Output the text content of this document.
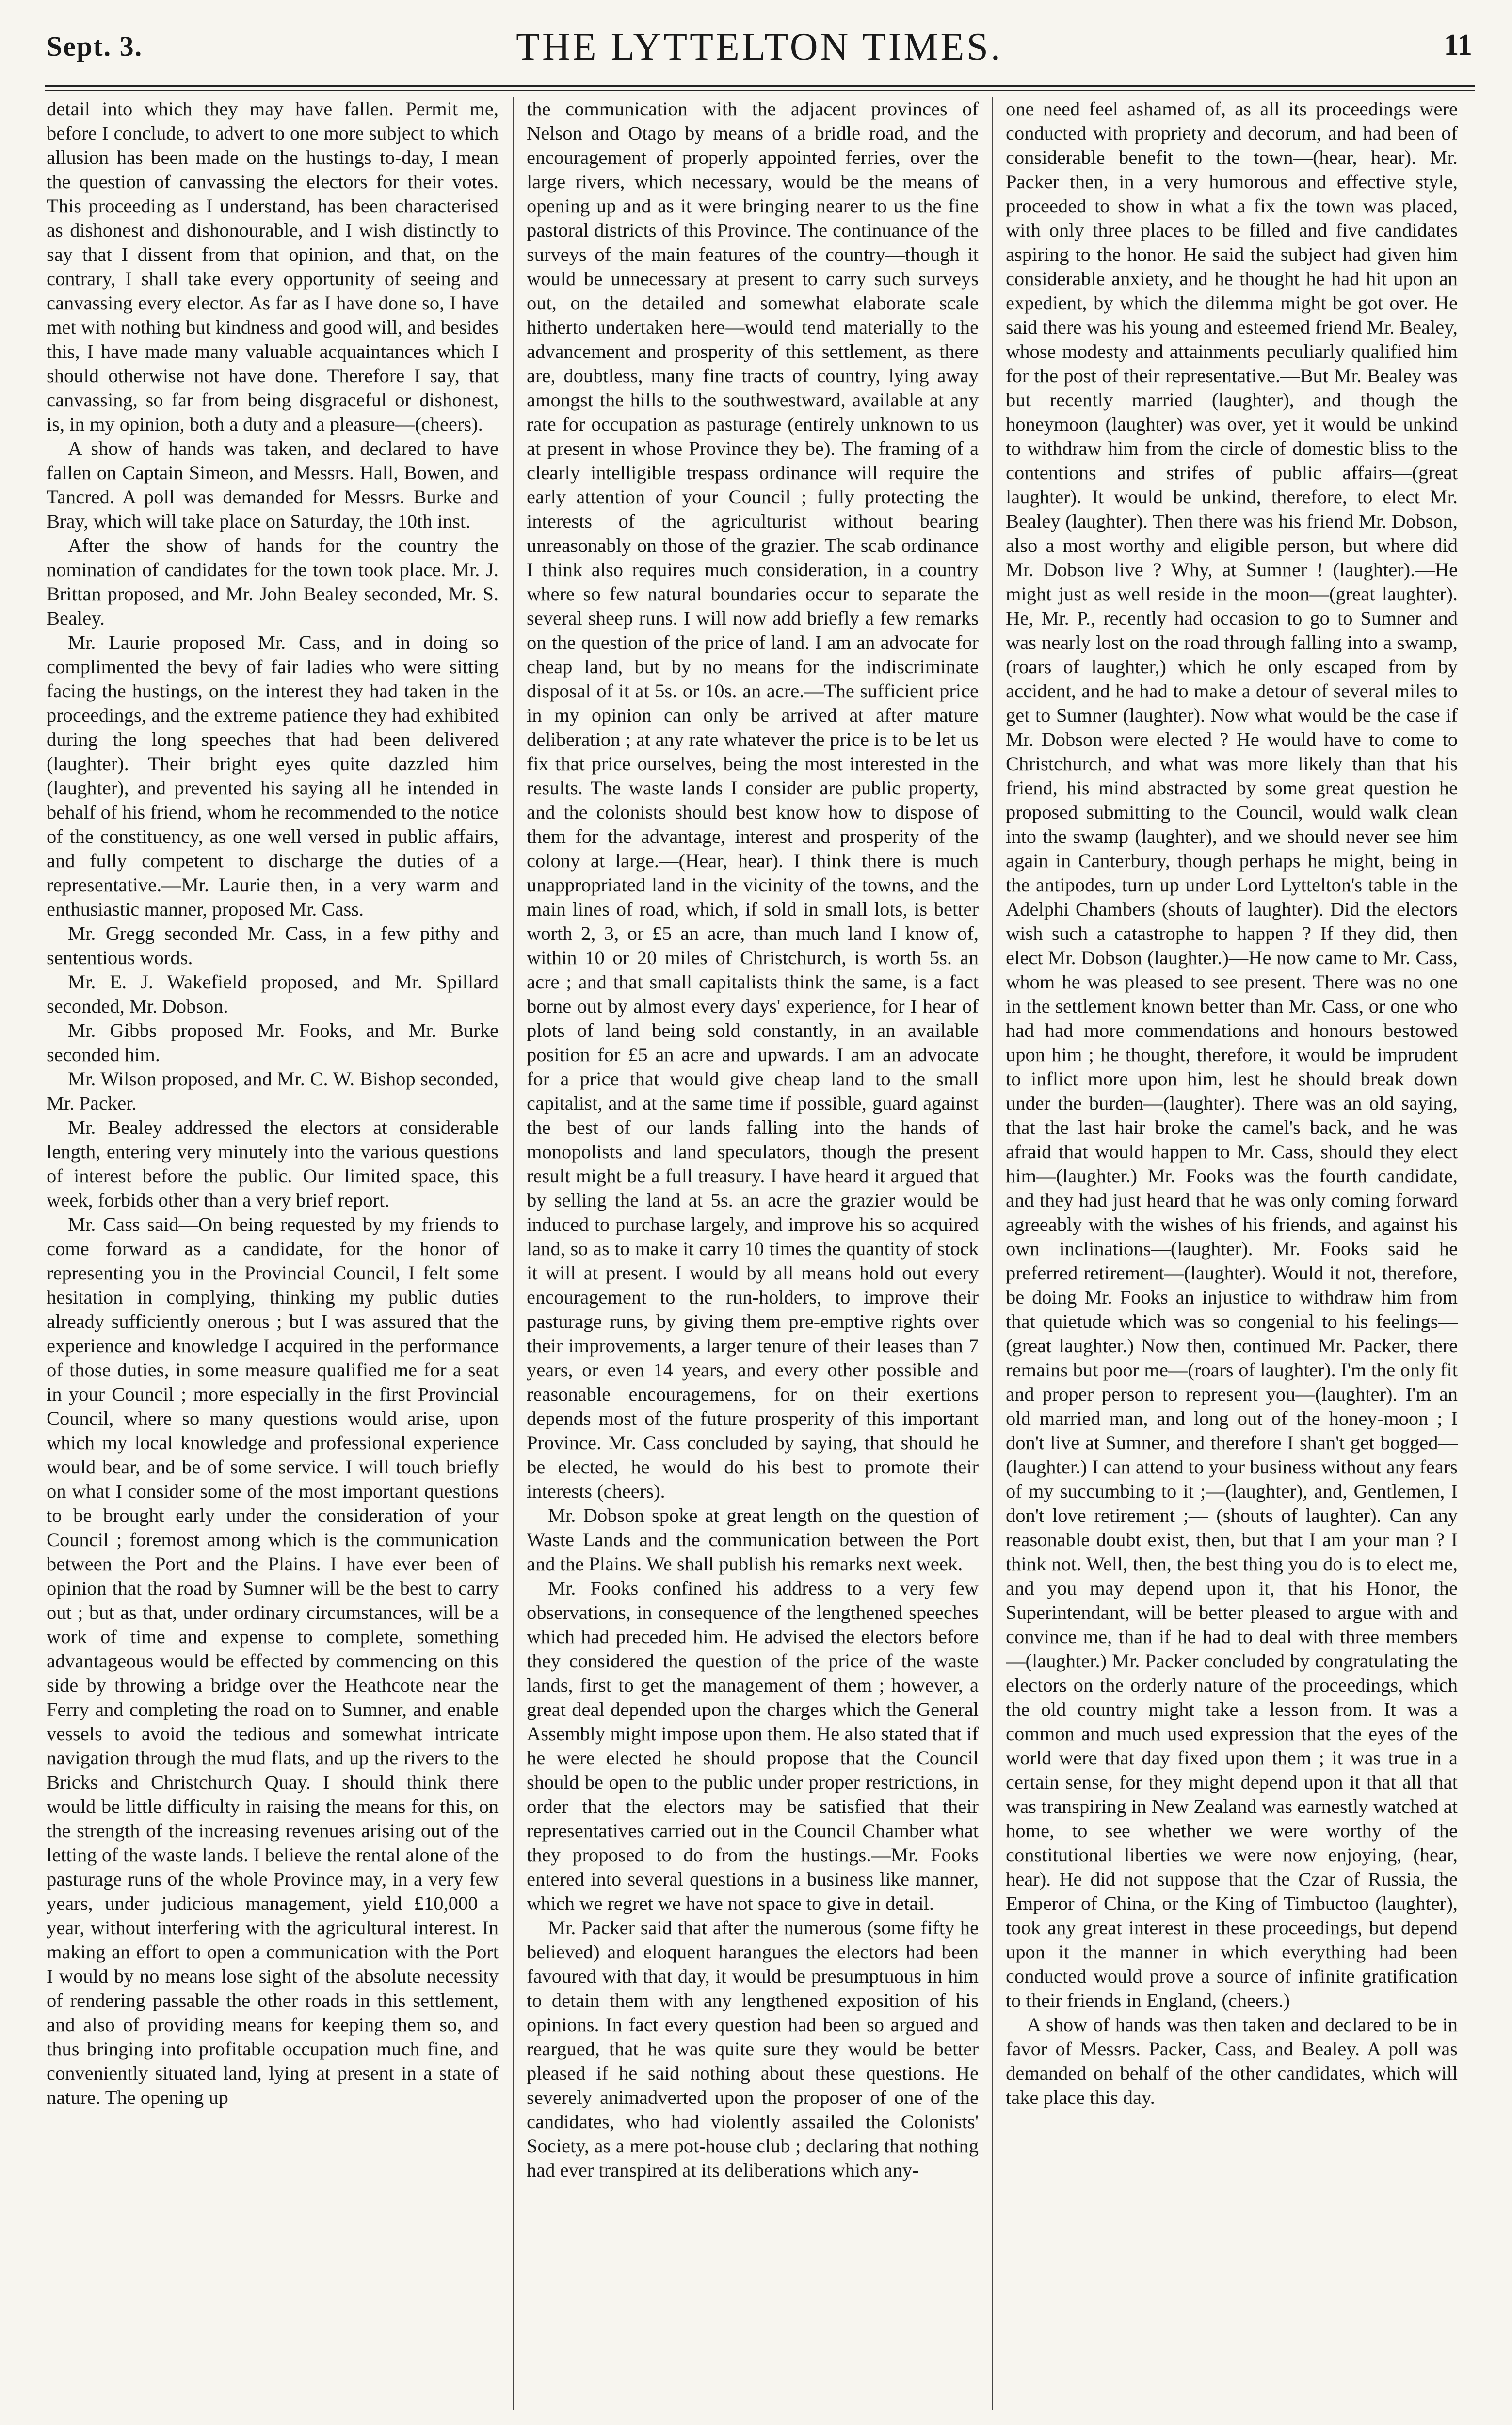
Sept. 3.	THE LYTTELTON TIMES.	11

detail into which they may have fallen. Permit me, before I conclude, to advert to one more subject to which allusion has been made on the hustings to-day, I mean the question of canvassing the electors for their votes. This proceeding as I understand, has been characterised as dishonest and dishonourable, and I wish distinctly to say that I dissent from that opinion, and that, on the contrary, I shall take every opportunity of seeing and canvassing every elector. As far as I have done so, I have met with nothing but kindness and good will, and besides this, I have made many valuable acquaintances which I should otherwise not have done. Therefore I say, that canvassing, so far from being disgraceful or dishonest, is, in my opinion, both a duty and a pleasure—(cheers).

A show of hands was taken, and declared to have fallen on Captain Simeon, and Messrs. Hall, Bowen, and Tancred. A poll was demanded for Messrs. Burke and Bray, which will take place on Saturday, the 10th inst.

After the show of hands for the country the nomination of candidates for the town took place. Mr. J. Brittan proposed, and Mr. John Bealey seconded, Mr. S. Bealey.

Mr. Laurie proposed Mr. Cass, and in doing so complimented the bevy of fair ladies who were sitting facing the hustings, on the interest they had taken in the proceedings, and the extreme patience they had exhibited during the long speeches that had been delivered (laughter). Their bright eyes quite dazzled him (laughter), and prevented his saying all he intended in behalf of his friend, whom he recommended to the notice of the constituency, as one well versed in public affairs, and fully competent to discharge the duties of a representative.—Mr. Laurie then, in a very warm and enthusiastic manner, proposed Mr. Cass.

Mr. Gregg seconded Mr. Cass, in a few pithy and sententious words.

Mr. E. J. Wakefield proposed, and Mr. Spillard seconded, Mr. Dobson.

Mr. Gibbs proposed Mr. Fooks, and Mr. Burke seconded him.

Mr. Wilson proposed, and Mr. C. W. Bishop seconded, Mr. Packer.

Mr. Bealey addressed the electors at considerable length, entering very minutely into the various questions of interest before the public. Our limited space, this week, forbids other than a very brief report.

Mr. Cass said—On being requested by my friends to come forward as a candidate, for the honor of representing you in the Provincial Council, I felt some hesitation in complying, thinking my public duties already sufficiently onerous ; but I was assured that the experience and knowledge I acquired in the performance of those duties, in some measure qualified me for a seat in your Council ; more especially in the first Provincial Council, where so many questions would arise, upon which my local knowledge and professional experience would bear, and be of some service. I will touch briefly on what I consider some of the most important questions to be brought early under the consideration of your Council ; foremost among which is the communication between the Port and the Plains. I have ever been of opinion that the road by Sumner will be the best to carry out ; but as that, under ordinary circumstances, will be a work of time and expense to complete, something advantageous would be effected by commencing on this side by throwing a bridge over the Heathcote near the Ferry and completing the road on to Sumner, and enable vessels to avoid the tedious and somewhat intricate navigation through the mud flats, and up the rivers to the Bricks and Christchurch Quay. I should think there would be little difficulty in raising the means for this, on the strength of the increasing revenues arising out of the letting of the waste lands. I believe the rental alone of the pasturage runs of the whole Province may, in a very few years, under judicious management, yield £10,000 a year, without interfering with the agricultural interest. In making an effort to open a communication with the Port I would by no means lose sight of the absolute necessity of rendering passable the other roads in this settlement, and also of providing means for keeping them so, and thus bringing into profitable occupation much fine, and conveniently situated land, lying at present in a state of nature. The opening up

the communication with the adjacent provinces of Nelson and Otago by means of a bridle road, and the encouragement of properly appointed ferries, over the large rivers, which necessary, would be the means of opening up and as it were bringing nearer to us the fine pastoral districts of this Province. The continuance of the surveys of the main features of the country—though it would be unnecessary at present to carry such surveys out, on the detailed and somewhat elaborate scale hitherto undertaken here—would tend materially to the advancement and prosperity of this settlement, as there are, doubtless, many fine tracts of country, lying away amongst the hills to the southwestward, available at any rate for occupation as pasturage (entirely unknown to us at present in whose Province they be). The framing of a clearly intelligible trespass ordinance will require the early attention of your Council ; fully protecting the interests of the agriculturist without bearing unreasonably on those of the grazier. The scab ordinance I think also requires much consideration, in a country where so few natural boundaries occur to separate the several sheep runs. I will now add briefly a few remarks on the question of the price of land. I am an advocate for cheap land, but by no means for the indiscriminate disposal of it at 5s. or 10s. an acre.—The sufficient price in my opinion can only be arrived at after mature deliberation ; at any rate whatever the price is to be let us fix that price ourselves, being the most interested in the results. The waste lands I consider are public property, and the colonists should best know how to dispose of them for the advantage, interest and prosperity of the colony at large.—(Hear, hear). I think there is much unappropriated land in the vicinity of the towns, and the main lines of road, which, if sold in small lots, is better worth 2, 3, or £5 an acre, than much land I know of, within 10 or 20 miles of Christchurch, is worth 5s. an acre ; and that small capitalists think the same, is a fact borne out by almost every days' experience, for I hear of plots of land being sold constantly, in an available position for £5 an acre and upwards. I am an advocate for a price that would give cheap land to the small capitalist, and at the same time if possible, guard against the best of our lands falling into the hands of monopolists and land speculators, though the present result might be a full treasury. I have heard it argued that by selling the land at 5s. an acre the grazier would be induced to purchase largely, and improve his so acquired land, so as to make it carry 10 times the quantity of stock it will at present. I would by all means hold out every encouragement to the run-holders, to improve their pasturage runs, by giving them pre-emptive rights over their improvements, a larger tenure of their leases than 7 years, or even 14 years, and every other possible and reasonable encouragemens, for on their exertions depends most of the future prosperity of this important Province. Mr. Cass concluded by saying, that should he be elected, he would do his best to promote their interests (cheers).

Mr. Dobson spoke at great length on the question of Waste Lands and the communication between the Port and the Plains. We shall publish his remarks next week.

Mr. Fooks confined his address to a very few observations, in consequence of the lengthened speeches which had preceded him. He advised the electors before they considered the question of the price of the waste lands, first to get the management of them ; however, a great deal depended upon the charges which the General Assembly might impose upon them. He also stated that if he were elected he should propose that the Council should be open to the public under proper restrictions, in order that the electors may be satisfied that their representatives carried out in the Council Chamber what they proposed to do from the hustings.—Mr. Fooks entered into several questions in a business like manner, which we regret we have not space to give in detail.

Mr. Packer said that after the numerous (some fifty he believed) and eloquent harangues the electors had been favoured with that day, it would be presumptuous in him to detain them with any lengthened exposition of his opinions. In fact every question had been so argued and reargued, that he was quite sure they would be better pleased if he said nothing about these questions. He severely animadverted upon the proposer of one of the candidates, who had violently assailed the Colonists' Society, as a mere pot-house club ; declaring that nothing had ever transpired at its deliberations which any-

one need feel ashamed of, as all its proceedings were conducted with propriety and decorum, and had been of considerable benefit to the town—(hear, hear). Mr. Packer then, in a very humorous and effective style, proceeded to show in what a fix the town was placed, with only three places to be filled and five candidates aspiring to the honor. He said the subject had given him considerable anxiety, and he thought he had hit upon an expedient, by which the dilemma might be got over. He said there was his young and esteemed friend Mr. Bealey, whose modesty and attainments peculiarly qualified him for the post of their representative.—But Mr. Bealey was but recently married (laughter), and though the honeymoon (laughter) was over, yet it would be unkind to withdraw him from the circle of domestic bliss to the contentions and strifes of public affairs—(great laughter). It would be unkind, therefore, to elect Mr. Bealey (laughter). Then there was his friend Mr. Dobson, also a most worthy and eligible person, but where did Mr. Dobson live ? Why, at Sumner ! (laughter).—He might just as well reside in the moon—(great laughter). He, Mr. P., recently had occasion to go to Sumner and was nearly lost on the road through falling into a swamp, (roars of laughter,) which he only escaped from by accident, and he had to make a detour of several miles to get to Sumner (laughter). Now what would be the case if Mr. Dobson were elected ? He would have to come to Christchurch, and what was more likely than that his friend, his mind abstracted by some great question he proposed submitting to the Council, would walk clean into the swamp (laughter), and we should never see him again in Canterbury, though perhaps he might, being in the antipodes, turn up under Lord Lyttelton's table in the Adelphi Chambers (shouts of laughter). Did the electors wish such a catastrophe to happen ? If they did, then elect Mr. Dobson (laughter.)—He now came to Mr. Cass, whom he was pleased to see present. There was no one in the settlement known better than Mr. Cass, or one who had had more commendations and honours bestowed upon him ; he thought, therefore, it would be imprudent to inflict more upon him, lest he should break down under the burden—(laughter). There was an old saying, that the last hair broke the camel's back, and he was afraid that would happen to Mr. Cass, should they elect him—(laughter.) Mr. Fooks was the fourth candidate, and they had just heard that he was only coming forward agreeably with the wishes of his friends, and against his own inclinations—(laughter). Mr. Fooks said he preferred retirement—(laughter). Would it not, therefore, be doing Mr. Fooks an injustice to withdraw him from that quietude which was so congenial to his feelings—(great laughter.) Now then, continued Mr. Packer, there remains but poor me—(roars of laughter). I'm the only fit and proper person to represent you—(laughter). I'm an old married man, and long out of the honey-moon ; I don't live at Sumner, and therefore I shan't get bogged—(laughter.) I can attend to your business without any fears of my succumbing to it ;—(laughter), and, Gentlemen, I don't love retirement ;— (shouts of laughter). Can any reasonable doubt exist, then, but that I am your man ? I think not. Well, then, the best thing you do is to elect me, and you may depend upon it, that his Honor, the Superintendant, will be better pleased to argue with and convince me, than if he had to deal with three members—(laughter.) Mr. Packer concluded by congratulating the electors on the orderly nature of the proceedings, which the old country might take a lesson from. It was a common and much used expression that the eyes of the world were that day fixed upon them ; it was true in a certain sense, for they might depend upon it that all that was transpiring in New Zealand was earnestly watched at home, to see whether we were worthy of the constitutional liberties we were now enjoying, (hear, hear). He did not suppose that the Czar of Russia, the Emperor of China, or the King of Timbuctoo (laughter), took any great interest in these proceedings, but depend upon it the manner in which everything had been conducted would prove a source of infinite gratification to their friends in England, (cheers.)

A show of hands was then taken and declared to be in favor of Messrs. Packer, Cass, and Bealey. A poll was demanded on behalf of the other candidates, which will take place this day.
